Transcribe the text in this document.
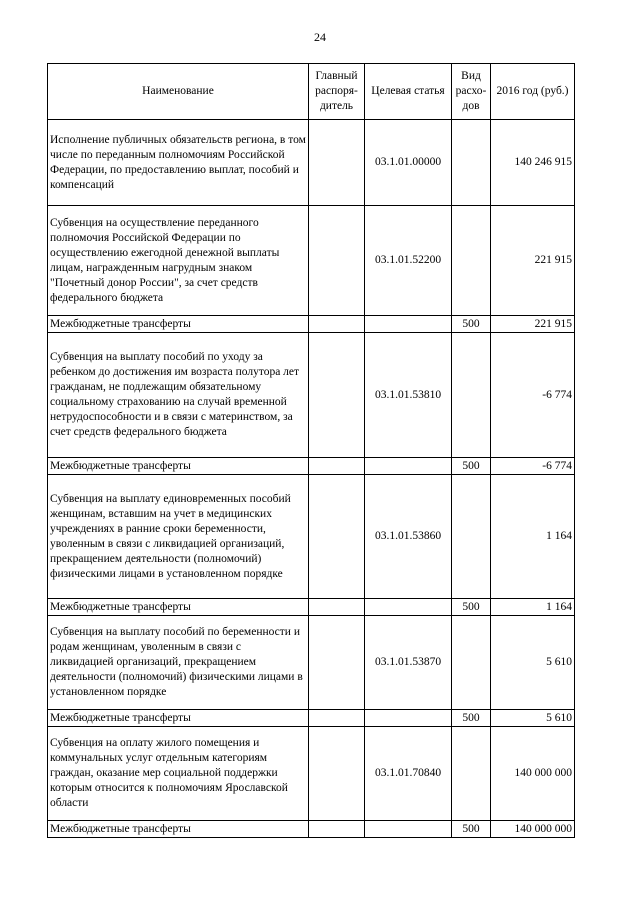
24
Наименование	Главный распоря-дитель	Целевая статья	Вид расхо-дов	2016 год (руб.)
Исполнение публичных обязательств региона, в том числе по переданным полномочиям Российской Федерации, по предоставлению выплат, пособий и компенсаций		03.1.01.00000		140 246 915
Субвенция на осуществление переданного полномочия Российской Федерации по осуществлению ежегодной денежной выплаты лицам, награжденным нагрудным знаком "Почетный донор России", за счет средств федерального бюджета		03.1.01.52200		221 915
Межбюджетные трансферты			500	221 915
Субвенция на выплату пособий по уходу за ребенком до достижения им возраста полутора лет гражданам, не подлежащим обязательному социальному страхованию на случай временной нетрудоспособности и в связи с материнством, за счет средств федерального бюджета		03.1.01.53810		-6 774
Межбюджетные трансферты			500	-6 774
Субвенция на выплату единовременных пособий женщинам, вставшим на учет в медицинских учреждениях в ранние сроки беременности, уволенным в связи с ликвидацией организаций, прекращением деятельности (полномочий) физическими лицами в установленном порядке		03.1.01.53860		1 164
Межбюджетные трансферты			500	1 164
Субвенция на выплату пособий по беременности и родам женщинам, уволенным в связи с ликвидацией организаций, прекращением деятельности (полномочий) физическими лицами в установленном порядке		03.1.01.53870		5 610
Межбюджетные трансферты			500	5 610
Субвенция на оплату жилого помещения и коммунальных услуг отдельным категориям граждан, оказание мер социальной поддержки которым относится к полномочиям Ярославской области		03.1.01.70840		140 000 000
Межбюджетные трансферты			500	140 000 000
